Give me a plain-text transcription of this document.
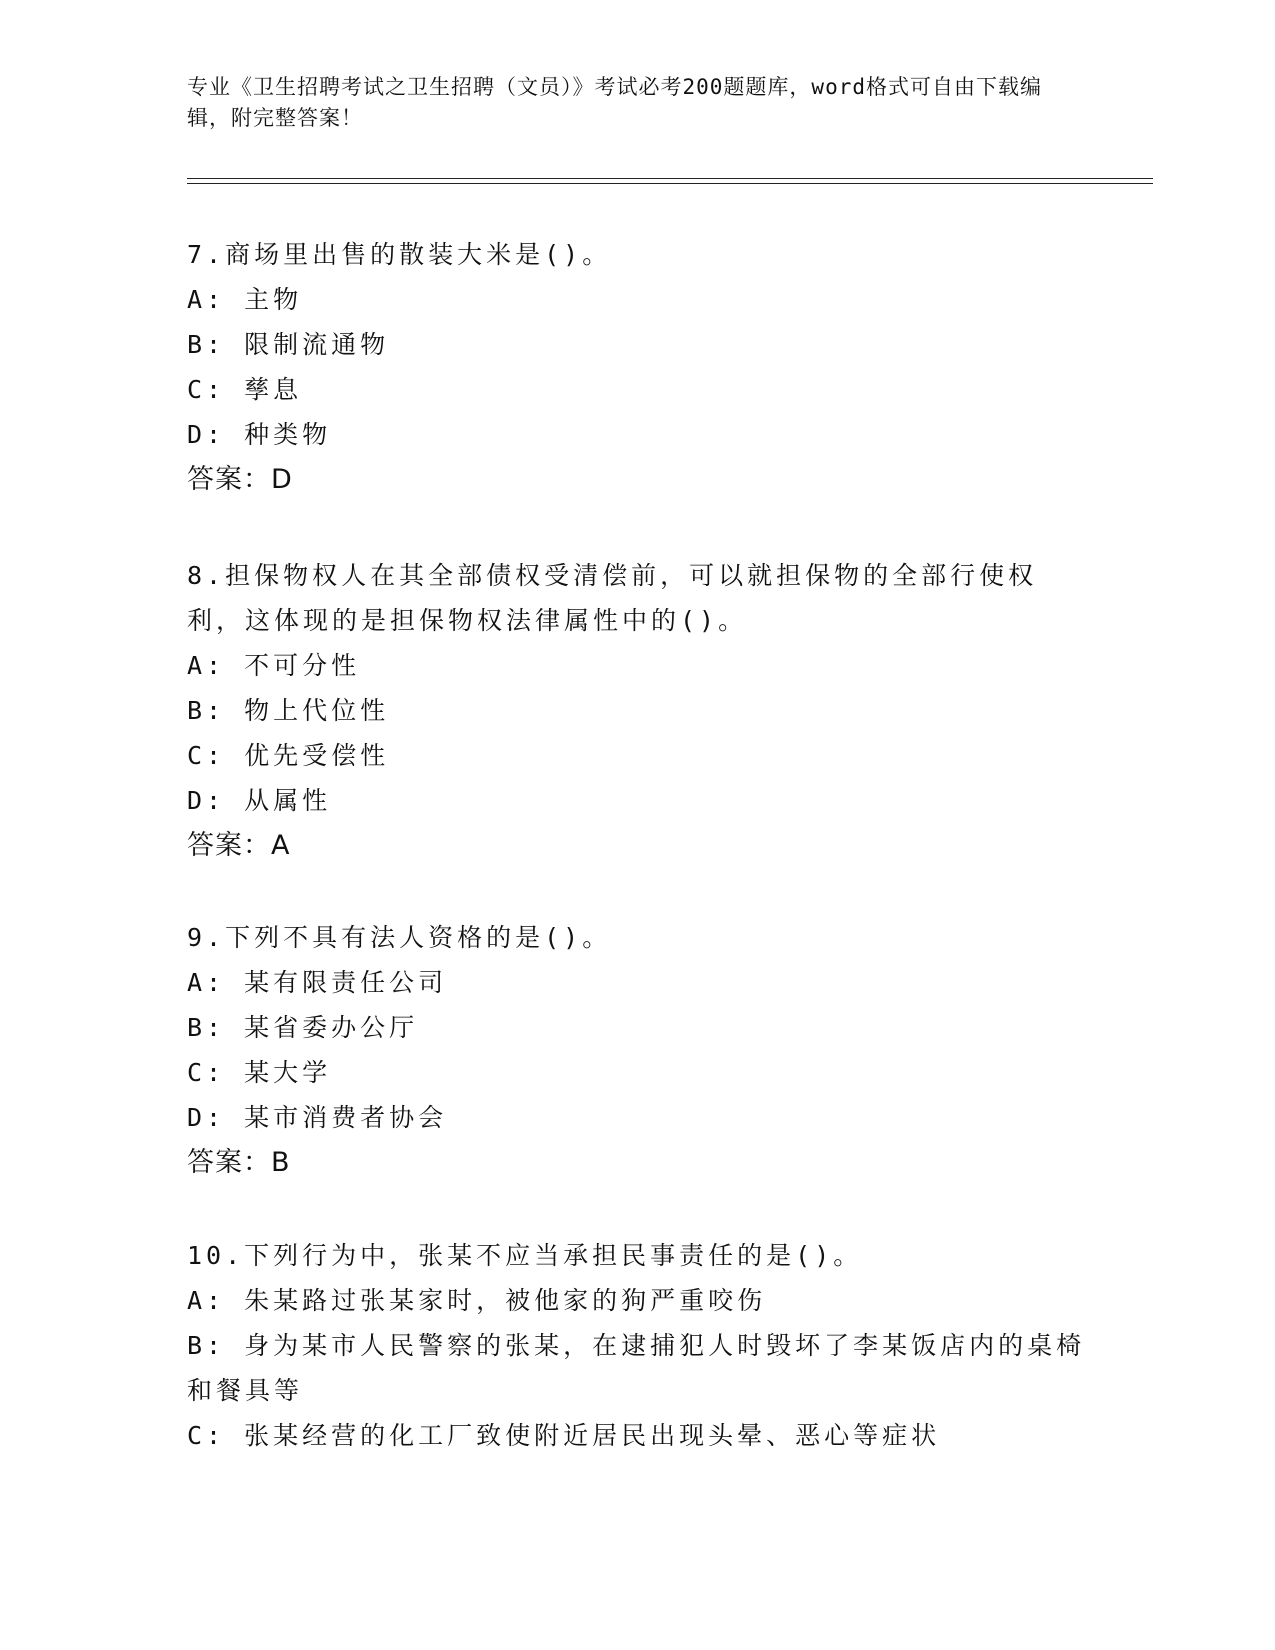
专业《卫生招聘考试之卫生招聘（文员）》考试必考200题题库，word格式可自由下载编辑，附完整答案！

7.商场里出售的散装大米是()。

A: 主物

B: 限制流通物

C: 孳息

D: 种类物

答案：D

8.担保物权人在其全部债权受清偿前，可以就担保物的全部行使权利，这体现的是担保物权法律属性中的()。

A: 不可分性

B: 物上代位性

C: 优先受偿性

D: 从属性

答案：A

9.下列不具有法人资格的是()。

A: 某有限责任公司

B: 某省委办公厅

C: 某大学

D: 某市消费者协会

答案：B

10.下列行为中，张某不应当承担民事责任的是()。

A: 朱某路过张某家时，被他家的狗严重咬伤

B: 身为某市人民警察的张某，在逮捕犯人时毁坏了李某饭店内的桌椅和餐具等

C: 张某经营的化工厂致使附近居民出现头晕、恶心等症状
